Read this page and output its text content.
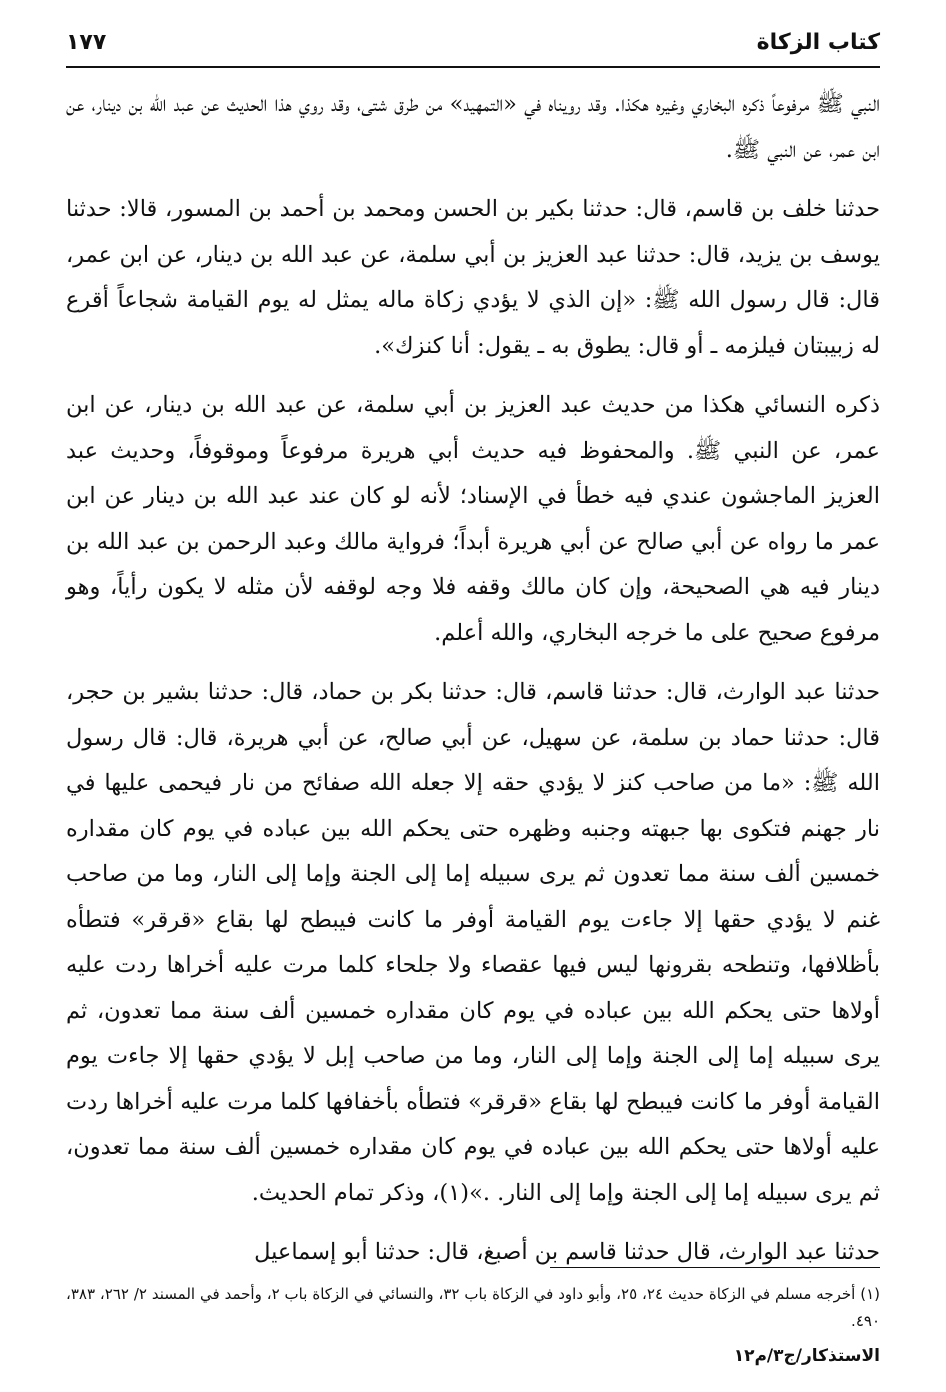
كتاب الزكاة
١٧٧

النبي ﷺ مرفوعاً ذكره البخاري وغيره هكذا. وقد رويناه في «التمهيد» من طرق شتى، وقد روي هذا الحديث عن عبد الله بن دينار، عن ابن عمر، عن النبي ﷺ.

حدثنا خلف بن قاسم، قال: حدثنا بكير بن الحسن ومحمد بن أحمد بن المسور، قالا: حدثنا يوسف بن يزيد، قال: حدثنا عبد العزيز بن أبي سلمة، عن عبد الله بن دينار، عن ابن عمر، قال: قال رسول الله ﷺ: «إن الذي لا يؤدي زكاة ماله يمثل له يوم القيامة شجاعاً أقرع له زبيبتان فيلزمه ـ أو قال: يطوق به ـ يقول: أنا كنزك».

ذكره النسائي هكذا من حديث عبد العزيز بن أبي سلمة، عن عبد الله بن دينار، عن ابن عمر، عن النبي ﷺ. والمحفوظ فيه حديث أبي هريرة مرفوعاً وموقوفاً، وحديث عبد العزيز الماجشون عندي فيه خطأ في الإسناد؛ لأنه لو كان عند عبد الله بن دينار عن ابن عمر ما رواه عن أبي صالح عن أبي هريرة أبداً؛ فرواية مالك وعبد الرحمن بن عبد الله بن دينار فيه هي الصحيحة، وإن كان مالك وقفه فلا وجه لوقفه لأن مثله لا يكون رأياً، وهو مرفوع صحيح على ما خرجه البخاري، والله أعلم.

حدثنا عبد الوارث، قال: حدثنا قاسم، قال: حدثنا بكر بن حماد، قال: حدثنا بشير بن حجر، قال: حدثنا حماد بن سلمة، عن سهيل، عن أبي صالح، عن أبي هريرة، قال: قال رسول الله ﷺ: «ما من صاحب كنز لا يؤدي حقه إلا جعله الله صفائح من نار فيحمى عليها في نار جهنم فتكوى بها جبهته وجنبه وظهره حتى يحكم الله بين عباده في يوم كان مقداره خمسين ألف سنة مما تعدون ثم يرى سبيله إما إلى الجنة وإما إلى النار، وما من صاحب غنم لا يؤدي حقها إلا جاءت يوم القيامة أوفر ما كانت فيبطح لها بقاع «قرقر» فتطأه بأظلافها، وتنطحه بقرونها ليس فيها عقصاء ولا جلحاء كلما مرت عليه أخراها ردت عليه أولاها حتى يحكم الله بين عباده في يوم كان مقداره خمسين ألف سنة مما تعدون، ثم يرى سبيله إما إلى الجنة وإما إلى النار، وما من صاحب إبل لا يؤدي حقها إلا جاءت يوم القيامة أوفر ما كانت فيبطح لها بقاع «قرقر» فتطأه بأخفافها كلما مرت عليه أخراها ردت عليه أولاها حتى يحكم الله بين عباده في يوم كان مقداره خمسين ألف سنة مما تعدون، ثم يرى سبيله إما إلى الجنة وإما إلى النار. .»(١)، وذكر تمام الحديث.

حدثنا عبد الوارث، قال حدثنا قاسم بن أصبغ، قال: حدثنا أبو إسماعيل

(١) أخرجه مسلم في الزكاة حديث ٢٤، ٢٥، وأبو داود في الزكاة باب ٣٢، والنسائي في الزكاة باب ٢، وأحمد في المسند ٢/ ٢٦٢، ٣٨٣، ٤٩٠.
الاستذكار/ج٣/م١٢
